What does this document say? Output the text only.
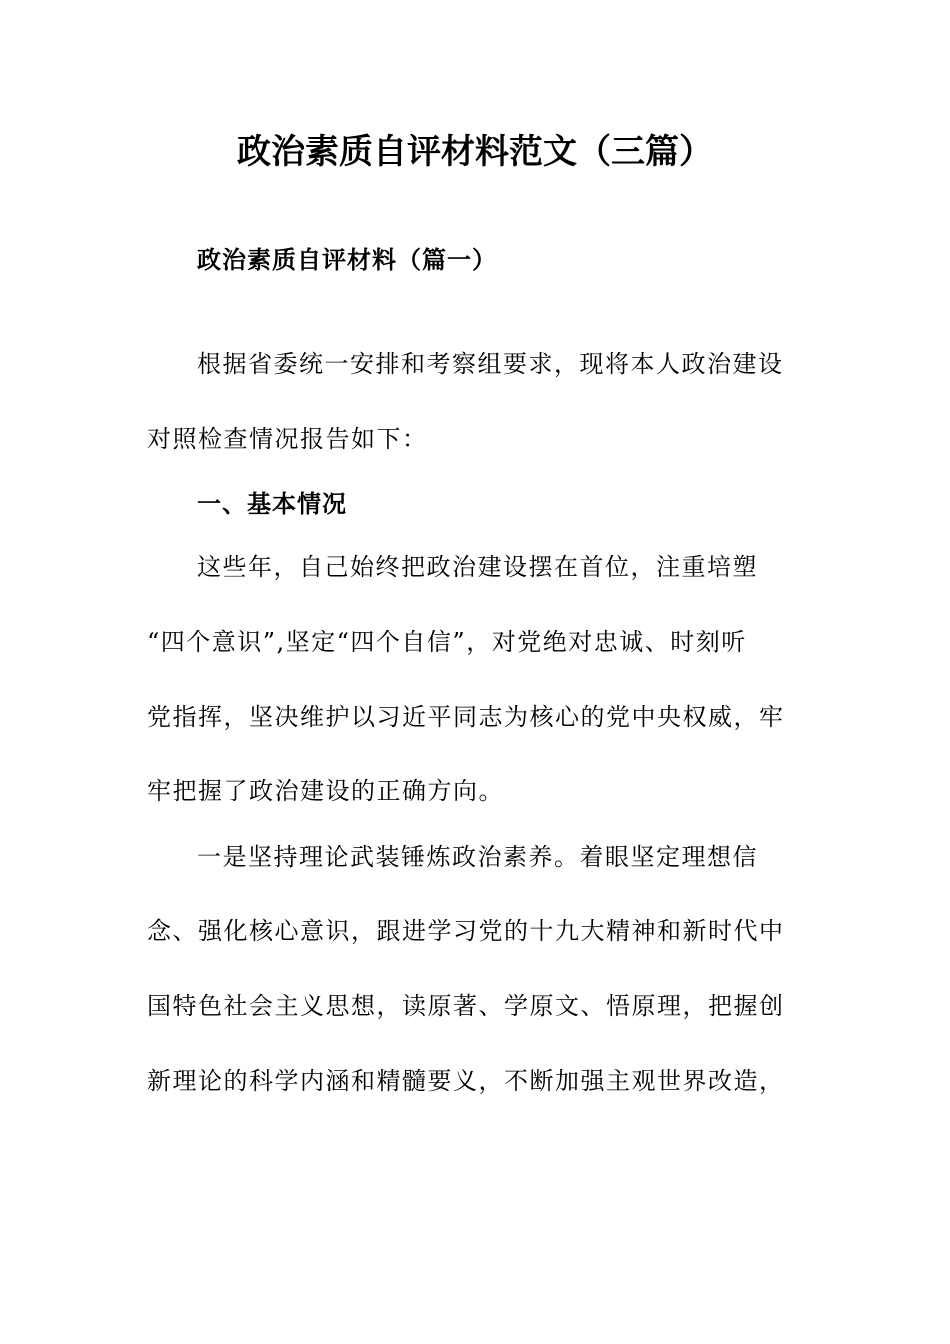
政治素质自评材料范文（三篇）
政治素质自评材料（篇一）
根据省委统一安排和考察组要求，现将本人政治建设
对照检查情况报告如下：
一、基本情况
这些年，自己始终把政治建设摆在首位，注重培塑
“四个意识”,坚定“四个自信”，对党绝对忠诚、时刻听
党指挥，坚决维护以习近平同志为核心的党中央权威，牢
牢把握了政治建设的正确方向。
一是坚持理论武装锤炼政治素养。着眼坚定理想信
念、强化核心意识，跟进学习党的十九大精神和新时代中
国特色社会主义思想，读原著、学原文、悟原理，把握创
新理论的科学内涵和精髓要义，不断加强主观世界改造，
